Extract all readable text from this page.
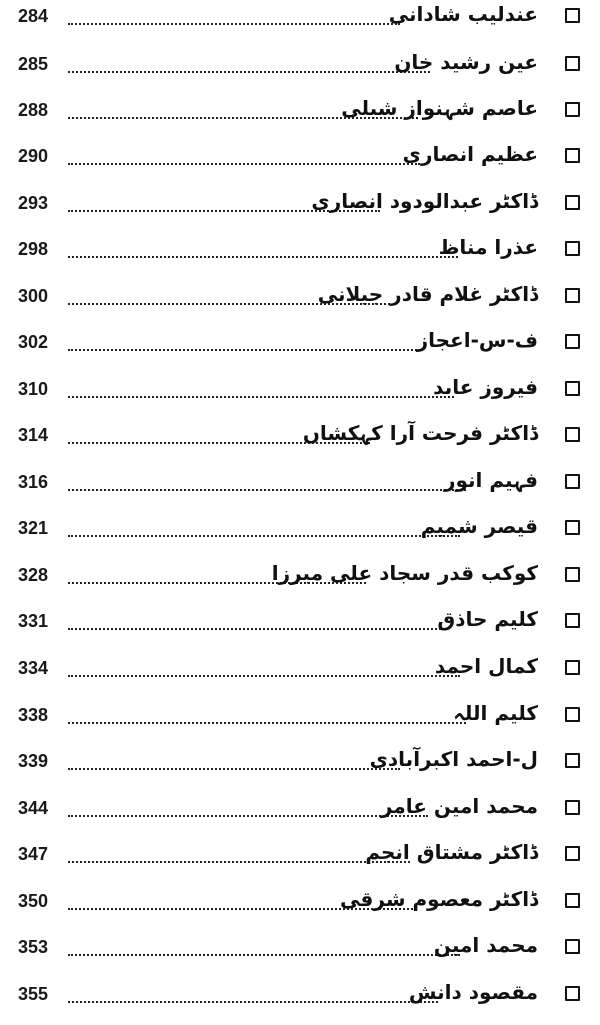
284	عندلیب شادانی
285	عین رشید خان
288	عاصم شہنواز شبلی
290	عظیم انصاری
293	ڈاکٹر عبدالودود انصاری
298	عذرا مناظ
300	ڈاکٹر غلام قادر جیلانی
302	ف-س-اعجاز
310	فیروز عابد
314	ڈاکٹر فرحت آرا کہکشاں
316	فہیم انور
321	قیصر شمیم
328	کوکب قدر سجاد علی میرزا
331	کلیم حاذق
334	کمال احمد
338	کلیم اللہ
339	ل-احمد اکبرآبادی
344	محمد امین عامر
347	ڈاکٹر مشتاق انجم
350	ڈاکٹر معصوم شرقی
353	محمد امین
355	مقصود دانش
